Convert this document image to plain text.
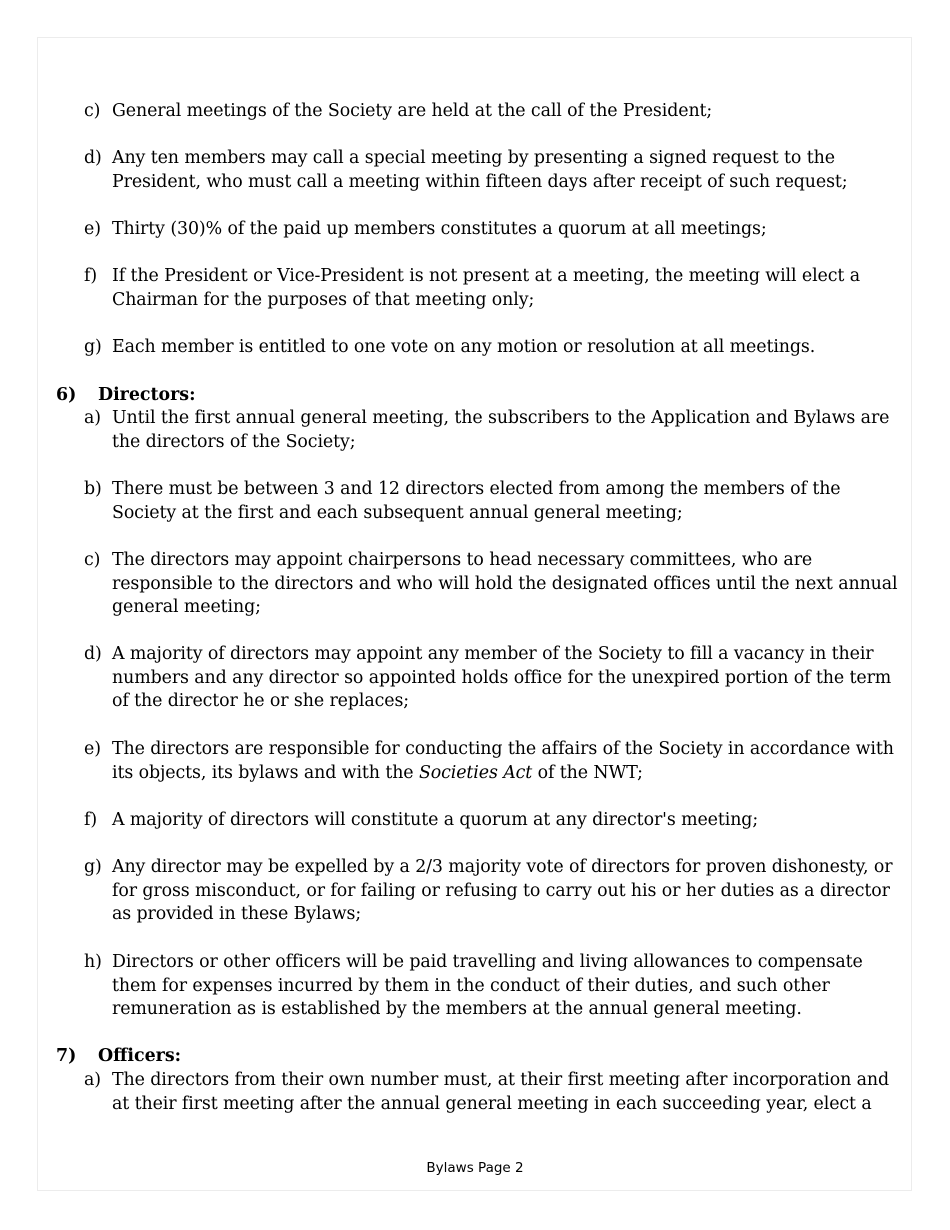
c) General meetings of the Society are held at the call of the President;
d) Any ten members may call a special meeting by presenting a signed request to the President, who must call a meeting within fifteen days after receipt of such request;
e) Thirty (30)% of the paid up members constitutes a quorum at all meetings;
f) If the President or Vice-President is not present at a meeting, the meeting will elect a Chairman for the purposes of that meeting only;
g) Each member is entitled to one vote on any motion or resolution at all meetings.
6) Directors:
a) Until the first annual general meeting, the subscribers to the Application and Bylaws are the directors of the Society;
b) There must be between 3 and 12 directors elected from among the members of the Society at the first and each subsequent annual general meeting;
c) The directors may appoint chairpersons to head necessary committees, who are responsible to the directors and who will hold the designated offices until the next annual general meeting;
d) A majority of directors may appoint any member of the Society to fill a vacancy in their numbers and any director so appointed holds office for the unexpired portion of the term of the director he or she replaces;
e) The directors are responsible for conducting the affairs of the Society in accordance with its objects, its bylaws and with the Societies Act of the NWT;
f) A majority of directors will constitute a quorum at any director's meeting;
g) Any director may be expelled by a 2/3 majority vote of directors for proven dishonesty, or for gross misconduct, or for failing or refusing to carry out his or her duties as a director as provided in these Bylaws;
h) Directors or other officers will be paid travelling and living allowances to compensate them for expenses incurred by them in the conduct of their duties, and such other remuneration as is established by the members at the annual general meeting.
7) Officers:
a) The directors from their own number must, at their first meeting after incorporation and at their first meeting after the annual general meeting in each succeeding year, elect a
Bylaws Page 2
